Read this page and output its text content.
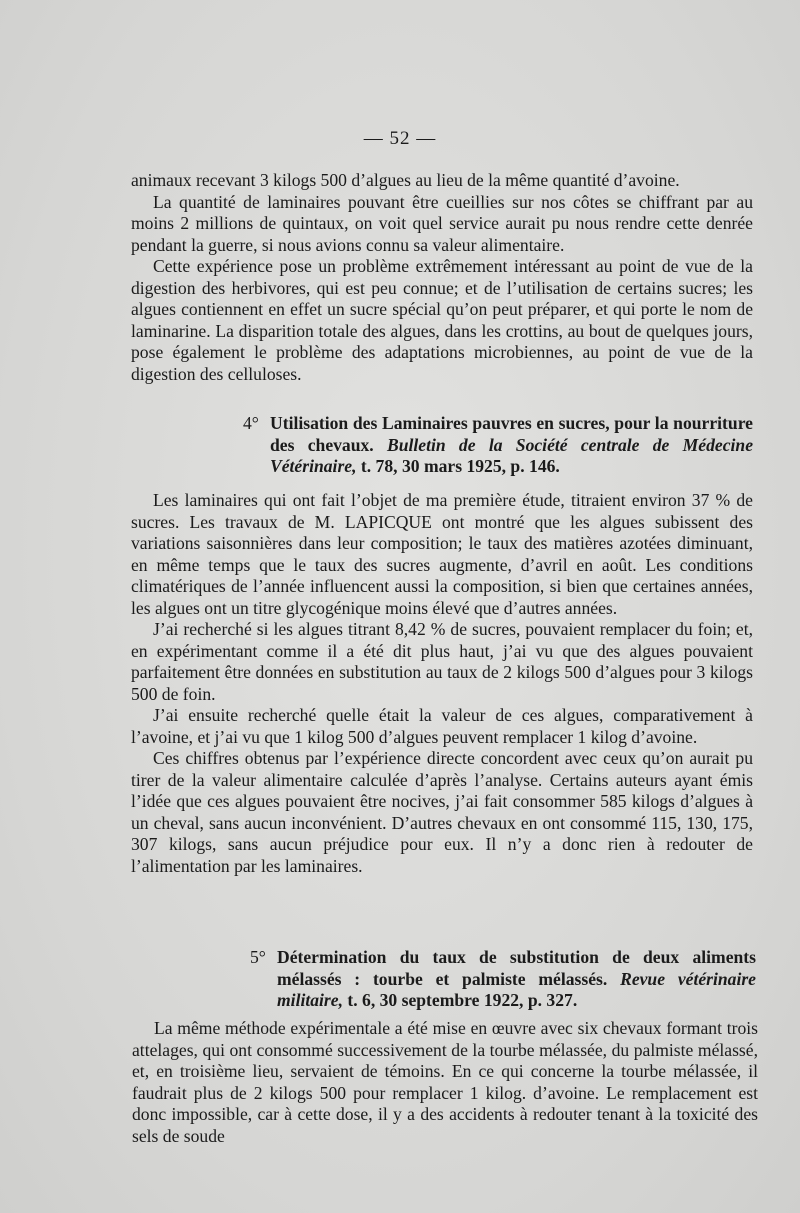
— 52 —

animaux recevant 3 kilogs 500 d’algues au lieu de la même quantité d’avoine.

La quantité de laminaires pouvant être cueillies sur nos côtes se chiffrant par au moins 2 millions de quintaux, on voit quel service aurait pu nous rendre cette denrée pendant la guerre, si nous avions connu sa valeur alimentaire.

Cette expérience pose un problème extrêmement intéressant au point de vue de la digestion des herbivores, qui est peu connue; et de l’utilisation de certains sucres; les algues contiennent en effet un sucre spécial qu’on peut préparer, et qui porte le nom de laminarine. La disparition totale des algues, dans les crottins, au bout de quelques jours, pose également le problème des adaptations microbiennes, au point de vue de la digestion des celluloses.

4° Utilisation des Laminaires pauvres en sucres, pour la nourriture des chevaux. Bulletin de la Société centrale de Médecine Vétérinaire, t. 78, 30 mars 1925, p. 146.

Les laminaires qui ont fait l’objet de ma première étude, titraient environ 37 % de sucres. Les travaux de M. LAPICQUE ont montré que les algues subissent des variations saisonnières dans leur composition; le taux des matières azotées diminuant, en même temps que le taux des sucres augmente, d’avril en août. Les conditions climatériques de l’année influencent aussi la composition, si bien que certaines années, les algues ont un titre glycogénique moins élevé que d’autres années.

J’ai recherché si les algues titrant 8,42 % de sucres, pouvaient remplacer du foin; et, en expérimentant comme il a été dit plus haut, j’ai vu que des algues pouvaient parfaitement être données en substitution au taux de 2 kilogs 500 d’algues pour 3 kilogs 500 de foin.

J’ai ensuite recherché quelle était la valeur de ces algues, comparativement à l’avoine, et j’ai vu que 1 kilog 500 d’algues peuvent remplacer 1 kilog d’avoine.

Ces chiffres obtenus par l’expérience directe concordent avec ceux qu’on aurait pu tirer de la valeur alimentaire calculée d’après l’analyse. Certains auteurs ayant émis l’idée que ces algues pouvaient être nocives, j’ai fait consommer 585 kilogs d’algues à un cheval, sans aucun inconvénient. D’autres chevaux en ont consommé 115, 130, 175, 307 kilogs, sans aucun préjudice pour eux. Il n’y a donc rien à redouter de l’alimentation par les laminaires.

5° Détermination du taux de substitution de deux aliments mélassés : tourbe et palmiste mélassés. Revue vétérinaire militaire, t. 6, 30 septembre 1922, p. 327.

La même méthode expérimentale a été mise en œuvre avec six chevaux formant trois attelages, qui ont consommé successivement de la tourbe mélassée, du palmiste mélassé, et, en troisième lieu, servaient de témoins. En ce qui concerne la tourbe mélassée, il faudrait plus de 2 kilogs 500 pour remplacer 1 kilog. d’avoine. Le remplacement est donc impossible, car à cette dose, il y a des accidents à redouter tenant à la toxicité des sels de soude
